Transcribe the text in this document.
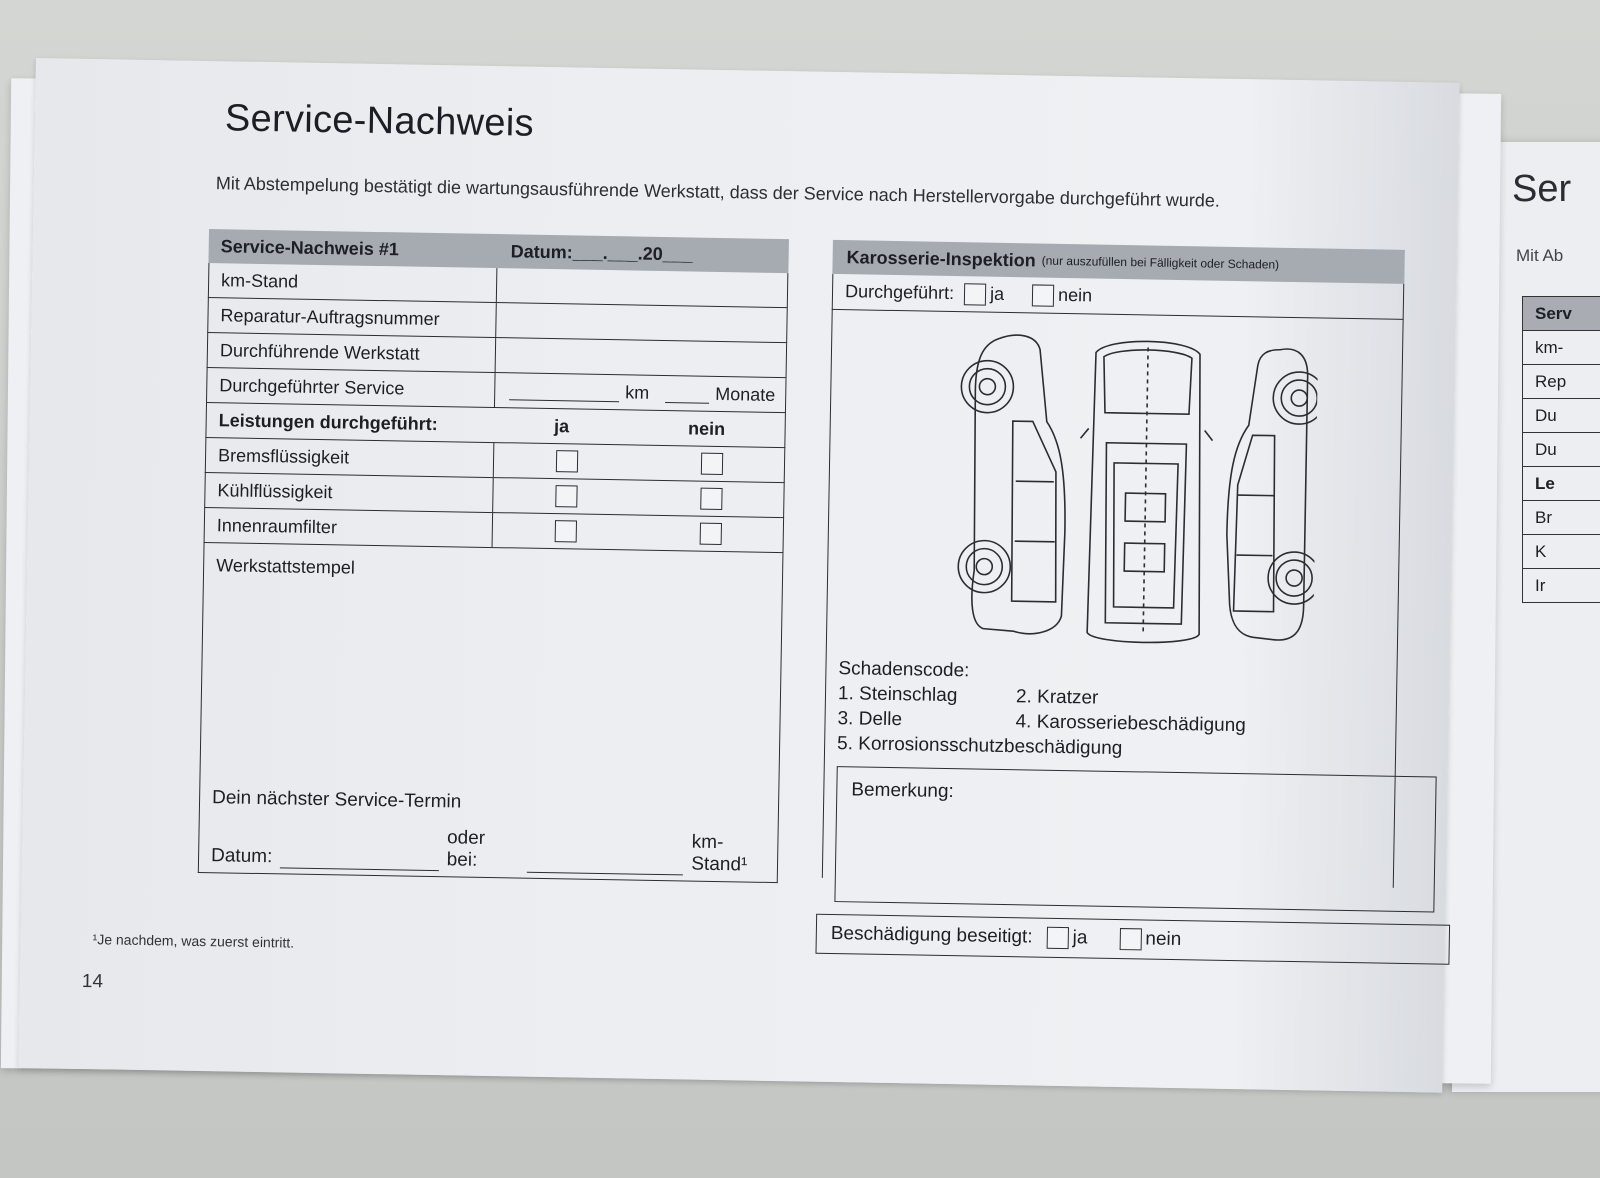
Ser
Mit Ab
Serv
km-
Rep
Du
Du
Le
Br
K
Ir
Service-Nachweis
Mit Abstempelung bestätigt die wartungsausführende Werkstatt, dass der Service nach Herstellervorgabe durchgeführt wurde.
Service-Nachweis #1	Datum:___.___.20___
km-Stand
Reparatur-Auftragsnummer
Durchführende Werkstatt
Durchgeführter Service	km	Monate
Leistungen durchgeführt:	ja	nein
Bremsflüssigkeit
Kühlflüssigkeit
Innenraumfilter
Werkstattstempel
Dein nächster Service-Termin
Datum:
oder bei:
km-Stand¹
¹Je nachdem, was zuerst eintritt.
14
Karosserie-Inspektion (nur auszufüllen bei Fälligkeit oder Schaden)
Durchgeführt: ja	nein
Schadenscode:
1. Steinschlag	2. Kratzer
3. Delle	4. Karosseriebeschädigung
5. Korrosionsschutzbeschädigung
Bemerkung:
Beschädigung beseitigt: ja	nein
